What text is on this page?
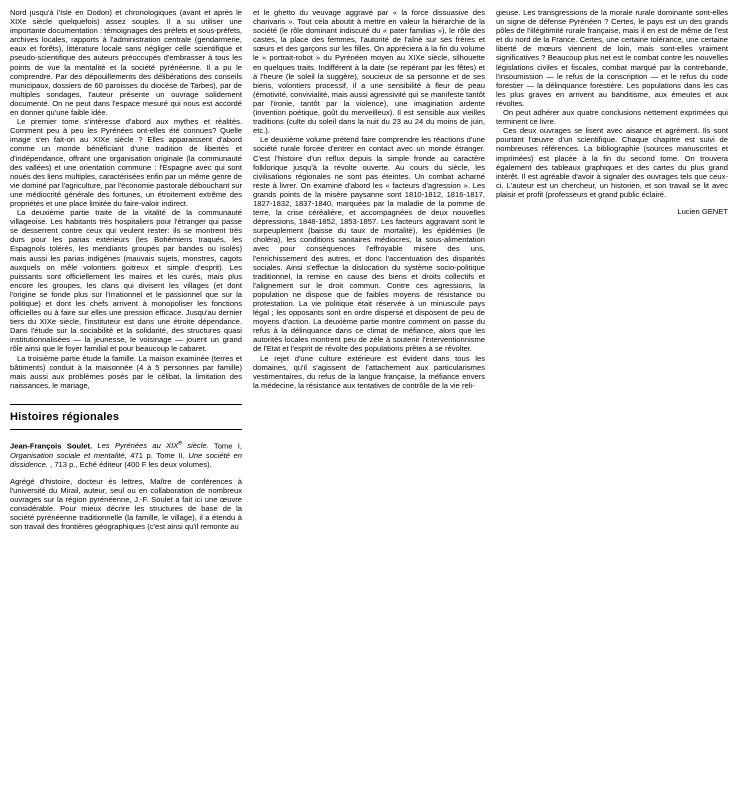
Nord jusqu'à l'Isle en Dodon) et chronologiques (avant et après le XIXe siècle quelquefois) assez souples. Il a su utiliser une importante documentation : témoignages des préfets et sous-préfets, archives locales, rapports à l'administration centrale (gendarmerie, eaux et forêts), littérature locale sans négliger celle scientifique et pseudo-scientifique des auteurs préoccupés d'embrasser à tous les points de vue la mentalité et la société pyrénéenne. Il a pu le comprendre. Par des dépouillements des délibérations des conseils municipaux, dossiers de 60 paroisses du diocèse de Tarbes), par de multiples sondages, l'auteur présente un ouvrage solidement documenté. On ne peut dans l'espace mesuré qui nous est accordé en donner qu'une faible idée.

Le premier tome s'intéresse d'abord aux mythes et réalités. Comment peu à peu les Pyrénées ont-elles été connues? Quelle image s'en fait-on au XIXe siècle ? Elles apparaissent d'abord comme un monde bénéficiant d'une tradition de libertés et d'indépendance, offrant une organisation originale (la communauté des vallées) et une orientation commune : l'Espagne avec qui sont noués des liens multiples, caractérisées enfin par un même genre de vie dominé par l'agriculture, par l'économie pastorale débouchant sur une médiocrité générale des fortunes, un étroitement extrême des propriétés et une place limitée du faire-valoir indirect.

La deuxième partie traite de la vitalité de la communauté villageoise. Les habitants très hospitaliers pour l'étranger qui passe se desserrent contre ceux qui veulent rester: ils se montrent très durs pour les parias extérieurs (les Bohémiens traqués, les Espagnols tolérés, les mendiants groupés par bandes ou isolés) mais aussi les parias indigènes (mauvais sujets, monstres, cagots auxquels on mêle volontiers goitreux et simple d'esprit). Les puissants sont officiellement les maires et les curés, mais plus encore les groupes, les clans qui divisent les villages (et dont l'origine se fonde plus sur l'irrationnel et le passionnel que sur la politique) et dont les chefs arrivent à monopoliser les fonctions officielles ou à faire sur elles une pression efficace. Jusqu'au dernier tiers du XIXe siècle, l'instituteur est dans une étroite dépendance. Dans l'étude sur la sociabilité et la solidarité, des structures quasi institutionnalisées — la jeunesse, le voisinage — jouent un grand rôle ainsi que le foyer familial et pour beaucoup le cabaret.

La troisième partie étude la famille. La maison examinée (terres et bâtiments) conduit à la maisonnée (4 à 5 personnes par famille) mais aussi aux problèmes posés par le célibat, la limitation des naissances, le mariage,

Histoires régionales
Jean-François Soulet. Les Pyrénées au XIXe siècle. Tome I, Organisation sociale et mentalité, 471 p. Tome II, Une société en dissidence. , 713 p., Eché éditeur (400 F les deux volumes).

Agrégé d'histoire, docteur ès lettres, Maître de conférences à l'université du Mirail, auteur, seul ou en collaboration de nombreux ouvrages sur la région pyrénéenne, J.-F. Soulet a fait ici une œuvre considérable. Pour mieux décrire les structures de base de la société pyrénéenne traditionnelle (la famille, le village), il a étendu à son travail des frontières géographiques (c'est ainsi qu'il remonte au

et le ghetto du veuvage aggravé par « la force dissuasive des charivaris ». Tout cela aboutit à mettre en valeur la hiérarchie de la société (le rôle dominant indiscuté du « pater familias »), le rôle des castes, la place des femmes, l'autorité de l'aîné sur ses frères et sœurs et des garçons sur les filles. On appréciera à la fin du volume le « portrait-robot » du Pyrénéen moyen au XIXe siècle, silhouette en quelques traits. Indifférent à la date (se repérant par les fêtes) et à l'heure (le soleil la suggère), soucieux de sa personne et de ses biens, volontiers processif, il a une sensibilité à fleur de peau (émotivité, convivialité, mais aussi agressivité qui se manifeste tantôt par l'ironie, tantôt par la violence), une imagination ardente (invention poétique, goût du merveilleux). Il est sensible aux vieilles traditions (culte du soleil dans la nuit du 23 au 24 du moins de juin, etc.).

Le deuxième volume prétend faire comprendre les réactions d'une société rurale forcée d'entrer en contact avec un monde étranger. C'est l'histoire d'un reflux depuis la simple fronde au caractère folklorique jusqu'à la révolte ouverte. Au cours du siècle, les civilisations régionales ne sont pas éteintes. Un combat acharné reste à livrer. On examine d'abord les « facteurs d'agression ». Les grands points de la misère paysanne sont 1810-1812, 1816-1817, 1827-1832, 1837-1840, marquées par la maladie de la pomme de terre, la crise céréalière, et accompagnées de deux nouvelles dépressions, 1848-1852, 1853-1857. Les facteurs aggravant sont le surpeuplement (baisse du taux de mortalité), les épidémies (le choléra), les conditions sanitaires médiocres, la sous-alimentation avec pour conséquences l'effroyable misère des uns, l'enrichissement des autres, et donc l'accentuation des disparités sociales. Ainsi s'effectue la dislocation du système socio-politique traditionnel, la remise en cause des biens et droits collectifs et l'alignement sur le droit commun. Contre ces agressions, la population ne dispose que de faibles moyens de résistance ou protestation. La vie politique était réservée à un minuscule pays légal ; les opposants sont en ordre dispersé et disposent de peu de moyens d'action. La deuxième partie montre comment on passe du refus à la délinquance dans ce climat de méfiance, alors que les autorités locales montrent peu de zèle à soutenir l'interventionnisme de l'Etat et l'esprit de révolte des populations prêtes à se révolter.

Le rejet d'une culture extérieure est évident dans tous les domaines, qu'il s'agissent de l'attachement aux particularismes vestimentaires, du refus de la langue française, la méfiance envers la médecine, la résistance aux tentatives de contrôle de la vie reli-

gieuse. Les transgressions de la morale rurale dominante sont-elles un signe de défense Pyrénéen ? Certes, le pays est un des grands pôles de l'illégitimité rurale française, mais il en est de même de l'est et du nord de la France. Certes, une certaine tolérance, une certaine liberté de mœurs viennent de loin, mais sont-elles vraiment significatives ? Beaucoup plus net est le combat contre les nouvelles législations civiles et fiscales, combat marqué par la contrebande, l'insoumission — le refus de la conscription — et le refus du code forestier — la délinquance forestière. Les populations dans les cas les plus graves en arrivent au banditisme, aux émeutes et aux révoltes.

On peut adhérer aux quatre conclusions nettement exprimées qui terminent ce livre.

Ces deux ouvrages se lisent avec aisance et agrément. Ils sont pourtant l'œuvre d'un scientifique. Chaque chapitre est suivi de nombreuses références. La bibliographie (sources manuscrites et imprimées) est placée à la fin du second tome. On trouvera également des tableaux graphiques et des cartes du plus grand intérêt. Il est agréable d'avoir à signaler des ouvrages tels que ceux-ci. L'auteur est un chercheur, un historien, et son travail se lit avec plaisir et profit (professeurs et grand public éclairé.

Lucien GENET
